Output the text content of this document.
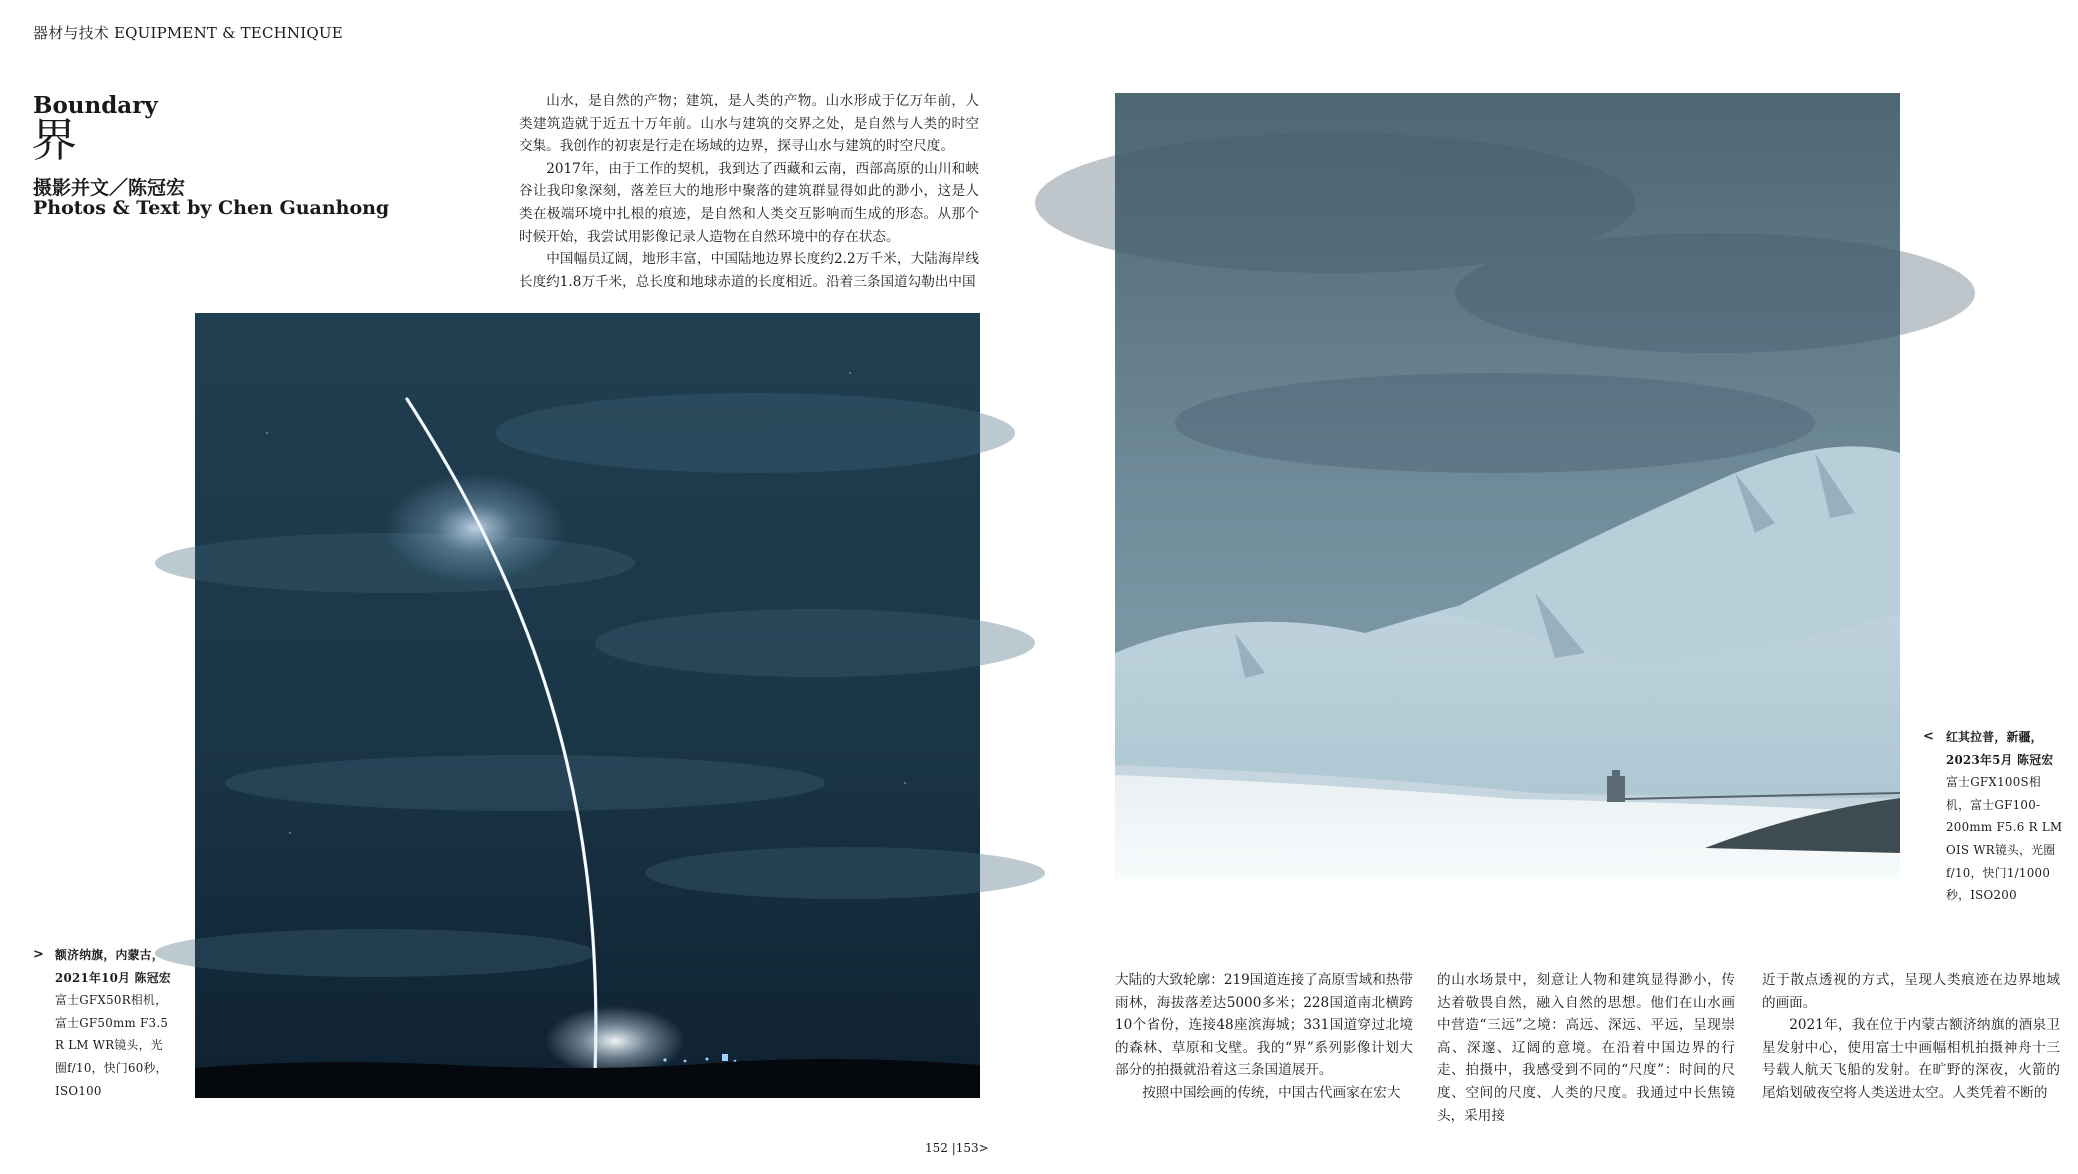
器材与技术 EQUIPMENT & TECHNIQUE
Boundary
界
摄影并文／陈冠宏
Photos & Text by Chen Guanhong

山水，是自然的产物；建筑，是人类的产物。山水形成于亿万年前，人类建筑造就于近五十万年前。山水与建筑的交界之处，是自然与人类的时空交集。我创作的初衷是行走在场域的边界，探寻山水与建筑的时空尺度。

2017年，由于工作的契机，我到达了西藏和云南，西部高原的山川和峡谷让我印象深刻，落差巨大的地形中聚落的建筑群显得如此的渺小，这是人类在极端环境中扎根的痕迹，是自然和人类交互影响而生成的形态。从那个时候开始，我尝试用影像记录人造物在自然环境中的存在状态。

中国幅员辽阔，地形丰富，中国陆地边界长度约2.2万千米，大陆海岸线长度约1.8万千米，总长度和地球赤道的长度相近。沿着三条国道勾勒出中国

> 额济纳旗，内蒙古，2021年10月 陈冠宏
富士GFX50R相机，富士GF50mm F3.5 R LM WR镜头，光圈f/10，快门60秒，ISO100
< 红其拉普，新疆，2023年5月 陈冠宏
富士GFX100S相机，富士GF100-200mm F5.6 R LM OIS WR镜头，光圈f/10，快门1/1000秒，ISO200

大陆的大致轮廓：219国道连接了高原雪域和热带雨林，海拔落差达5000多米；228国道南北横跨10个省份，连接48座滨海城；331国道穿过北境的森林、草原和戈壁。我的“界”系列影像计划大部分的拍摄就沿着这三条国道展开。

按照中国绘画的传统，中国古代画家在宏大

的山水场景中，刻意让人物和建筑显得渺小，传达着敬畏自然，融入自然的思想。他们在山水画中营造“三远”之境：高远、深远、平远，呈现崇高、深邃、辽阔的意境。在沿着中国边界的行走、拍摄中，我感受到不同的“尺度”：时间的尺度、空间的尺度、人类的尺度。我通过中长焦镜头，采用接

近于散点透视的方式，呈现人类痕迹在边界地域的画面。

2021年，我在位于内蒙古额济纳旗的酒泉卫星发射中心，使用富士中画幅相机拍摄神舟十三号载人航天飞船的发射。在旷野的深夜，火箭的尾焰划破夜空将人类送进太空。人类凭着不断的

152 |153>
